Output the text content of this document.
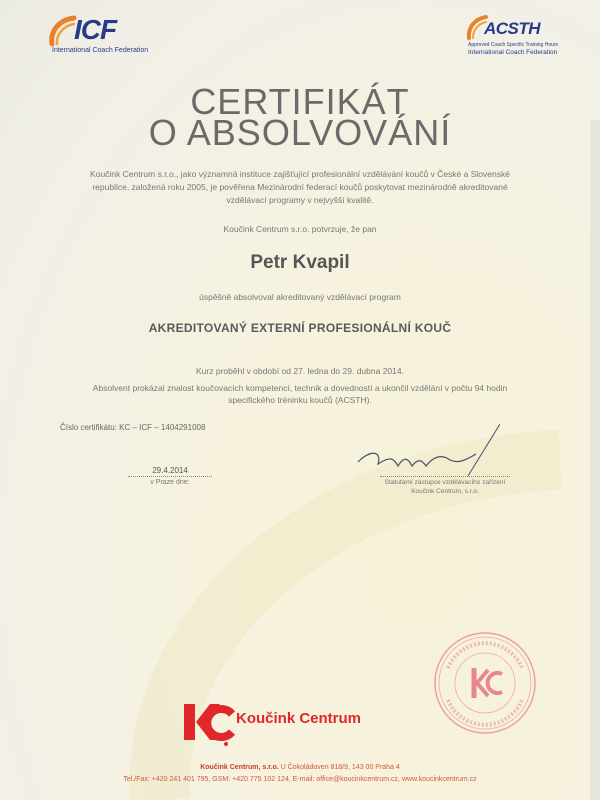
ICF
International Coach Federation
ACSTH
Approved Coach Specific Training Hours
International Coach Federation
CERTIFIKÁT
O ABSOLVOVÁNÍ
Koučink Centrum s.r.o., jako významná instituce zajišťující profesionální vzdělávání koučů v České a Slovenské republice, založená roku 2005, je pověřena Mezinárodní federací koučů poskytovat mezinárodně akreditované vzdělávací programy v nejvyšší kvalitě.
Koučink Centrum s.r.o. potvrzuje, že pan
Petr Kvapil
úspěšně absolvoval akreditovaný vzdělávací program
AKREDITOVANÝ EXTERNÍ PROFESIONÁLNÍ KOUČ
Kurz proběhl v období od 27. ledna do 29. dubna 2014.
Absolvent prokázal znalost koučovacích kompetencí, technik a dovedností a ukončil vzdělání v počtu 94 hodin specifického tréninku koučů (ACSTH).
Číslo certifikátu: KC – ICF – 1404291008
29.4.2014
v Praze dne:	Statutární zástupce vzdělávacího zařízení
Koučink Centrum, s.r.o.
Koučink Centrum
Koučink Centrum, s.r.o. U Čokoládoven 818/9, 143 00 Praha 4
Tel./Fax: +420 241 401 795, GSM: +420 775 102 124, E-mail: office@koucinkcentrum.cz, www.koucinkcentrum.cz
